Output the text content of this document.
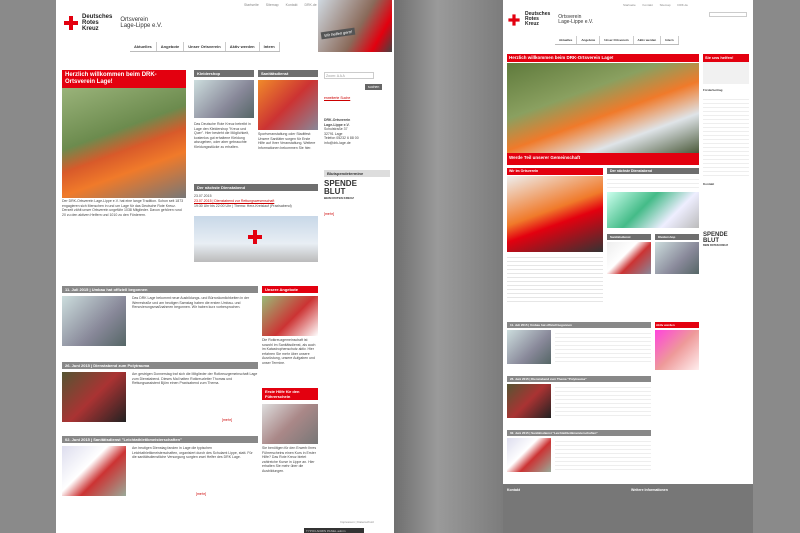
Startseite Sitemap Kontakt DRK.de
Deutsches
Rotes
Kreuz
Ortsverein
Lage-Lippe e.V.
Wir helfen gern!
Aktuelles	Angebote	Unser Ortsverein	Aktiv werden	Intern
Herzlich willkommen beim DRK-Ortsverein Lage!
Der DRK-Ortsverein Lage-Lippe e.V. hat eine lange Tradition. Schon seit 1873 engagieren sich Menschen in und um Lage für das Deutsche Rote Kreuz. Derzeit zählt unser Ortsverein ungefähr 1038 Mitglieder. Davon gehören rund 20 zu den aktiven Helfern und 1010 zu den Förderern.
Kleidershop
Das Deutsche Rote Kreuz betreibt in Lage den Kleidershop "Kreuz und Quer". Hier besteht die Möglichkeit, kostenlos gut erhaltene Kleidung abzugeben, oder aber gebrauchte Kleidungsstücke zu erhalten.
Sanitätsdienst
Sportveranstaltung oder Stadtfest: Unsere Sanitäter sorgen für Erste Hilfe auf Ihrer Veranstaltung. Weitere Informationen bekommen Sie hier.
Zoom: A A A
suchen
erweiterte Suche
DRK-Ortsverein
Lage-Lippe e.V.
Schulstraße 37
32791 Lage
Telefon 05232 6 88 00
info@drk-lage.de
Blutspendetermine
SPENDE
BLUT
BEIM ROTEN KREUZ
[mehr]
Der nächste Dienstabend
23.07.2015
23.07.2015 | Dienstabend zur Rettungswesenschaft
19:30 Uhr bis 22:00 Uhr | Thema: Herz-Kreislauf (Praxisabend)
11. Juli 2015 | Umbau hat offiziell begonnen
Das DRK Lage bekommt neue Ausbildungs- und Bürroräumlichkeiten in der Werrestraße und am heutigen Samstag haben die ersten Umbau- und Renovierungsmaßnahmen begonnen. Wir haben kurz vorbesprochen.
26. Juni 2015 | Dienstabend zum Polytrauma
Am gestrigen Donnerstag traf sich die Mitglieder der Rotkreuzgemeinschaft Lage zum Dienstabend. Dieses Mal hatten Rotkreuzleiter Thomas und Rettungsassistent Björn einen Praxisabend zum Thema.
[mehr]
02. Juni 2015 | Sanitätsdienst "Leichtathletikmeisterschaften"
Am heutigen Dienstag fanden in Lage die typischen Leichtathletikmeisterschaften, organisiert durch des Schulamt Lippe, statt. Für die sanitätsdienstliche Versorgung sorgten zwei Helfer des DRK Lage.
[mehr]
Unsere Angebote
Die Rotkreuzgemeinschaft ist sowohl im Sanitätsdienst, als auch im Katastrophenschutz aktiv. Hier erfahren Sie mehr über unsere Ausrüstung, unsere Aufgaben und unser Termine.
Erste Hilfe für den Führerschein
Sie benötigen für den Erwerb Ihres Führerscheins einen Kurs in Erster Hilfe? Das Rote Kreuz bietet zahlreiche Kurse in Lippe an. Hier erhalten Sie mehr über die Ausbildungen.
Impressum | Datenschutz
Startseite Kontakt Sitemap DRK.de
Deutsches
Rotes
Kreuz
Ortsverein
Lage-Lippe e.V.
Aktuelles	Angebote	Unser Ortsverein	Aktiv werden	Intern
Herzlich willkommen beim DRK-Ortsverein Lage!
Werde Teil unserer Gemeinschaft
Sie uns helfen!
Förderbeitrag
Kontakt
SPENDE
BLUT
BEIM ROTEN KREUZ
Wir im Ortsverein	Der nächste Dienstabend
Sanitätsdienst	Kleidershop
11. Juli 2015 | Umbau hat offiziell begonnen
26. Juni 2015 | Dienstabend zum Thema "Polytrauma"
02. Juni 2015 | Sanitätsdienst "Leichtathletikmeisterschaften"
Aktiv werden
Kontakt	Weitere Informationen
TYPO3 ADMIN PANEL admin
